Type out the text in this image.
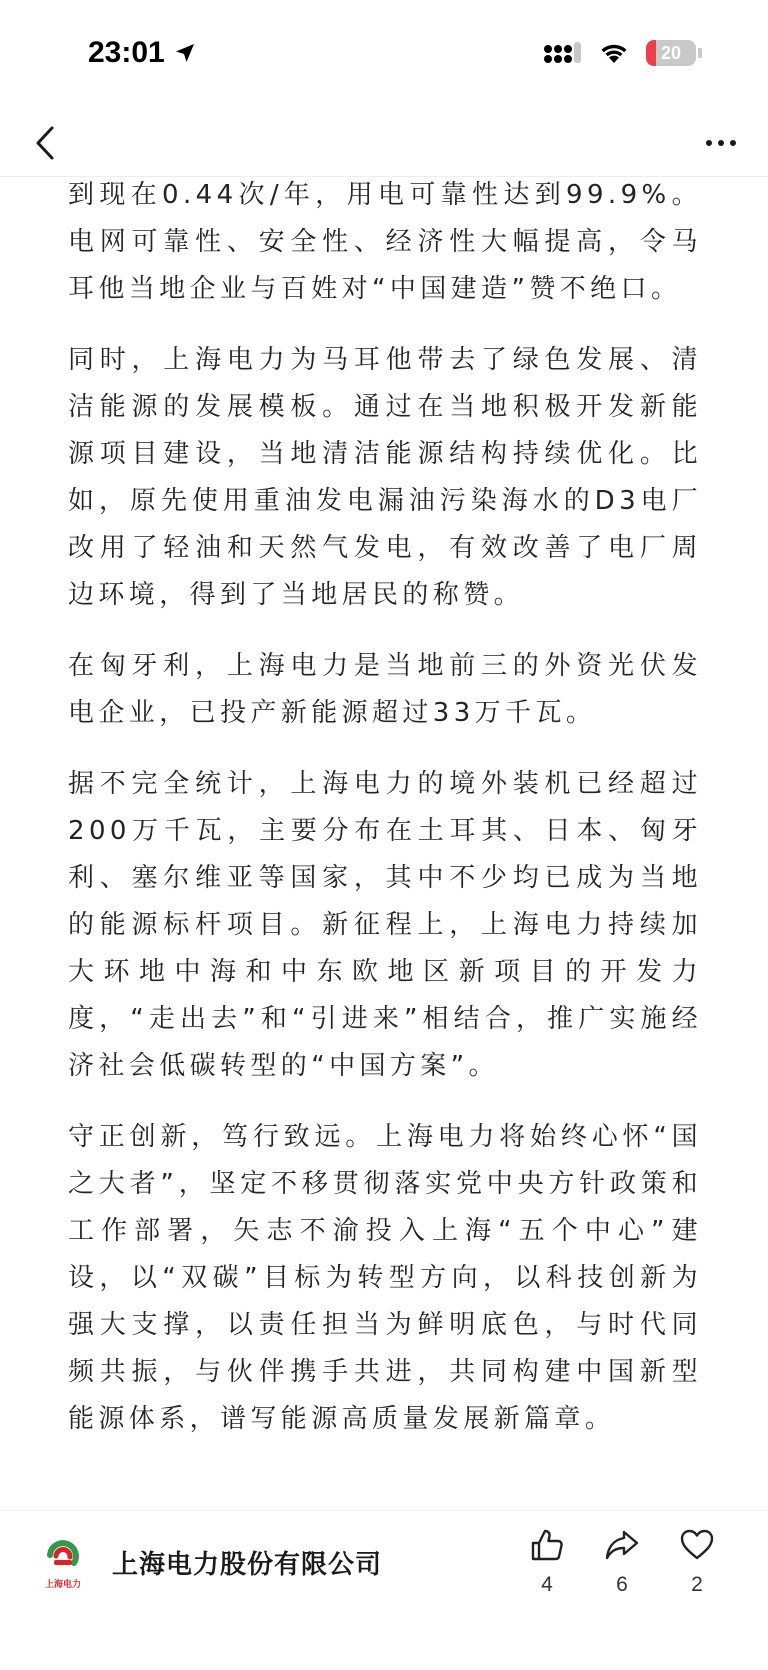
23:01	20

到现在0.44次/年，用电可靠性达到99.9%。电网可靠性、安全性、经济性大幅提高，令马耳他当地企业与百姓对“中国建造”赞不绝口。

同时，上海电力为马耳他带去了绿色发展、清洁能源的发展模板。通过在当地积极开发新能源项目建设，当地清洁能源结构持续优化。比如，原先使用重油发电漏油污染海水的D3电厂改用了轻油和天然气发电，有效改善了电厂周边环境，得到了当地居民的称赞。

在匈牙利，上海电力是当地前三的外资光伏发电企业，已投产新能源超过33万千瓦。

据不完全统计，上海电力的境外装机已经超过200万千瓦，主要分布在土耳其、日本、匈牙利、塞尔维亚等国家，其中不少均已成为当地的能源标杆项目。新征程上，上海电力持续加大环地中海和中东欧地区新项目的开发力度，“走出去”和“引进来”相结合，推广实施经济社会低碳转型的“中国方案”。

守正创新，笃行致远。上海电力将始终心怀“国之大者”，坚定不移贯彻落实党中央方针政策和工作部署，矢志不渝投入上海“五个中心”建设，以“双碳”目标为转型方向，以科技创新为强大支撑，以责任担当为鲜明底色，与时代同频共振，与伙伴携手共进，共同构建中国新型能源体系，谱写能源高质量发展新篇章。

上海电力
上海电力股份有限公司
4	6	2
